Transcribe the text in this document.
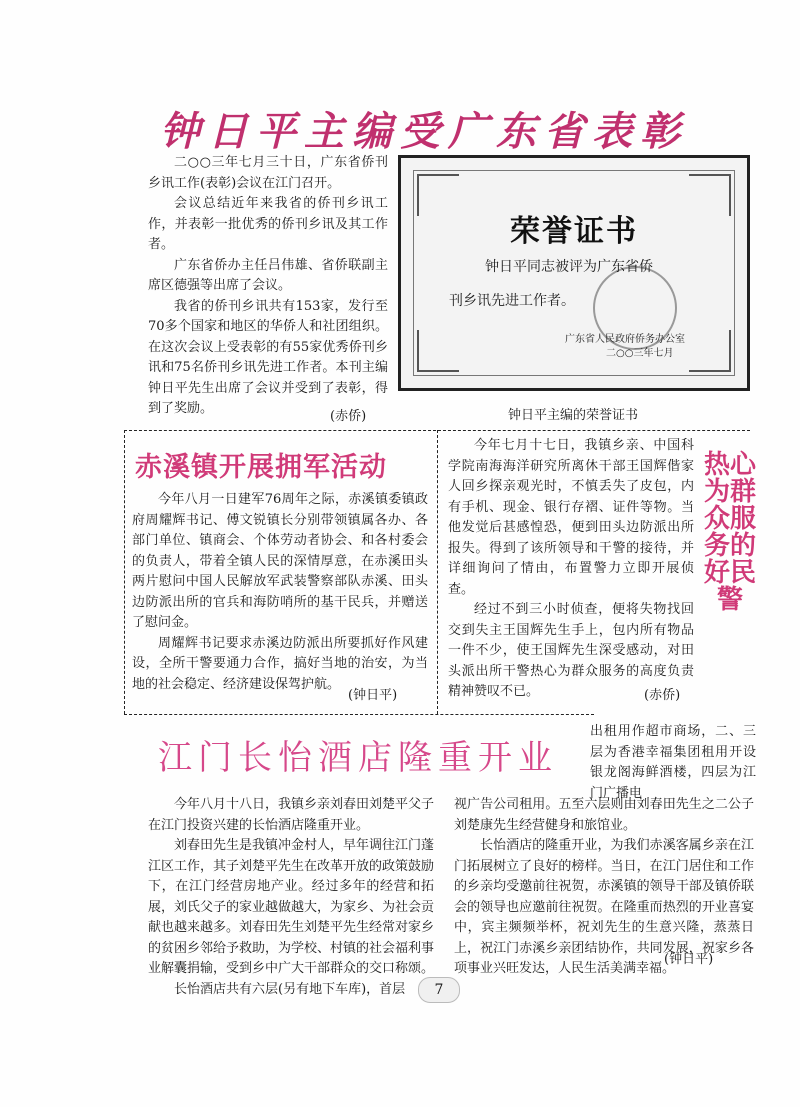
钟日平主编受广东省表彰

二○○三年七月三十日，广东省侨刊乡讯工作(表彰)会议在江门召开。

会议总结近年来我省的侨刊乡讯工作，并表彰一批优秀的侨刊乡讯及其工作者。

广东省侨办主任吕伟雄、省侨联副主席区德强等出席了会议。

我省的侨刊乡讯共有153家，发行至70多个国家和地区的华侨人和社团组织。在这次会议上受表彰的有55家优秀侨刊乡讯和75名侨刊乡讯先进工作者。本刊主编钟日平先生出席了会议并受到了表彰，得到了奖励。

(赤侨)
荣誉证书
钟日平同志被评为广东省侨
刊乡讯先进工作者。
广东省人民政府侨务办公室
二○○三年七月
钟日平主编的荣誉证书
赤溪镇开展拥军活动

今年八月一日建军76周年之际，赤溪镇委镇政府周耀辉书记、傅文锐镇长分别带领镇属各办、各部门单位、镇商会、个体劳动者协会、和各村委会的负责人，带着全镇人民的深情厚意，在赤溪田头两片慰问中国人民解放军武装警察部队赤溪、田头边防派出所的官兵和海防哨所的基干民兵，并赠送了慰问金。

周耀辉书记要求赤溪边防派出所要抓好作风建设，全所干警要通力合作，搞好当地的治安，为当地的社会稳定、经济建设保驾护航。

(钟日平)

今年七月十七日，我镇乡亲、中国科学院南海海洋研究所离休干部王国辉偕家人回乡探亲观光时，不慎丢失了皮包，内有手机、现金、银行存褶、证件等物。当他发觉后甚感惶恐，便到田头边防派出所报失。得到了该所领导和干警的接待，并详细询问了情由，布置警力立即开展侦查。

经过不到三小时侦查，便将失物找回交到失主王国辉先生手上，包内所有物品一件不少，使王国辉先生深受感动，对田头派出所干警热心为群众服务的高度负责精神赞叹不已。	(赤侨)
热心为群众服务的好民警
江门长怡酒店隆重开业

出租用作超市商场，二、三层为香港幸福集团租用开设银龙阁海鲜酒楼，四层为江门广播电

今年八月十八日，我镇乡亲刘春田刘楚平父子在江门投资兴建的长怡酒店隆重开业。

刘春田先生是我镇冲金村人，早年调往江门蓬江区工作，其子刘楚平先生在改革开放的政策鼓励下，在江门经营房地产业。经过多年的经营和拓展，刘氏父子的家业越做越大，为家乡、为社会贡献也越来越多。刘春田先生刘楚平先生经常对家乡的贫困乡邻给予救助，为学校、村镇的社会福利事业解囊捐输，受到乡中广大干部群众的交口称颂。

长怡酒店共有六层(另有地下车库)，首层

视广告公司租用。五至六层则由刘春田先生之二公子刘楚康先生经营健身和旅馆业。

长怡酒店的隆重开业，为我们赤溪客属乡亲在江门拓展树立了良好的榜样。当日，在江门居住和工作的乡亲均受邀前往祝贺，赤溪镇的领导干部及镇侨联会的领导也应邀前往祝贺。在隆重而热烈的开业喜宴中，宾主频频举杯，祝刘先生的生意兴隆，蒸蒸日上，祝江门赤溪乡亲团结协作，共同发展，祝家乡各项事业兴旺发达，人民生活美满幸福。

(钟日平)
7
